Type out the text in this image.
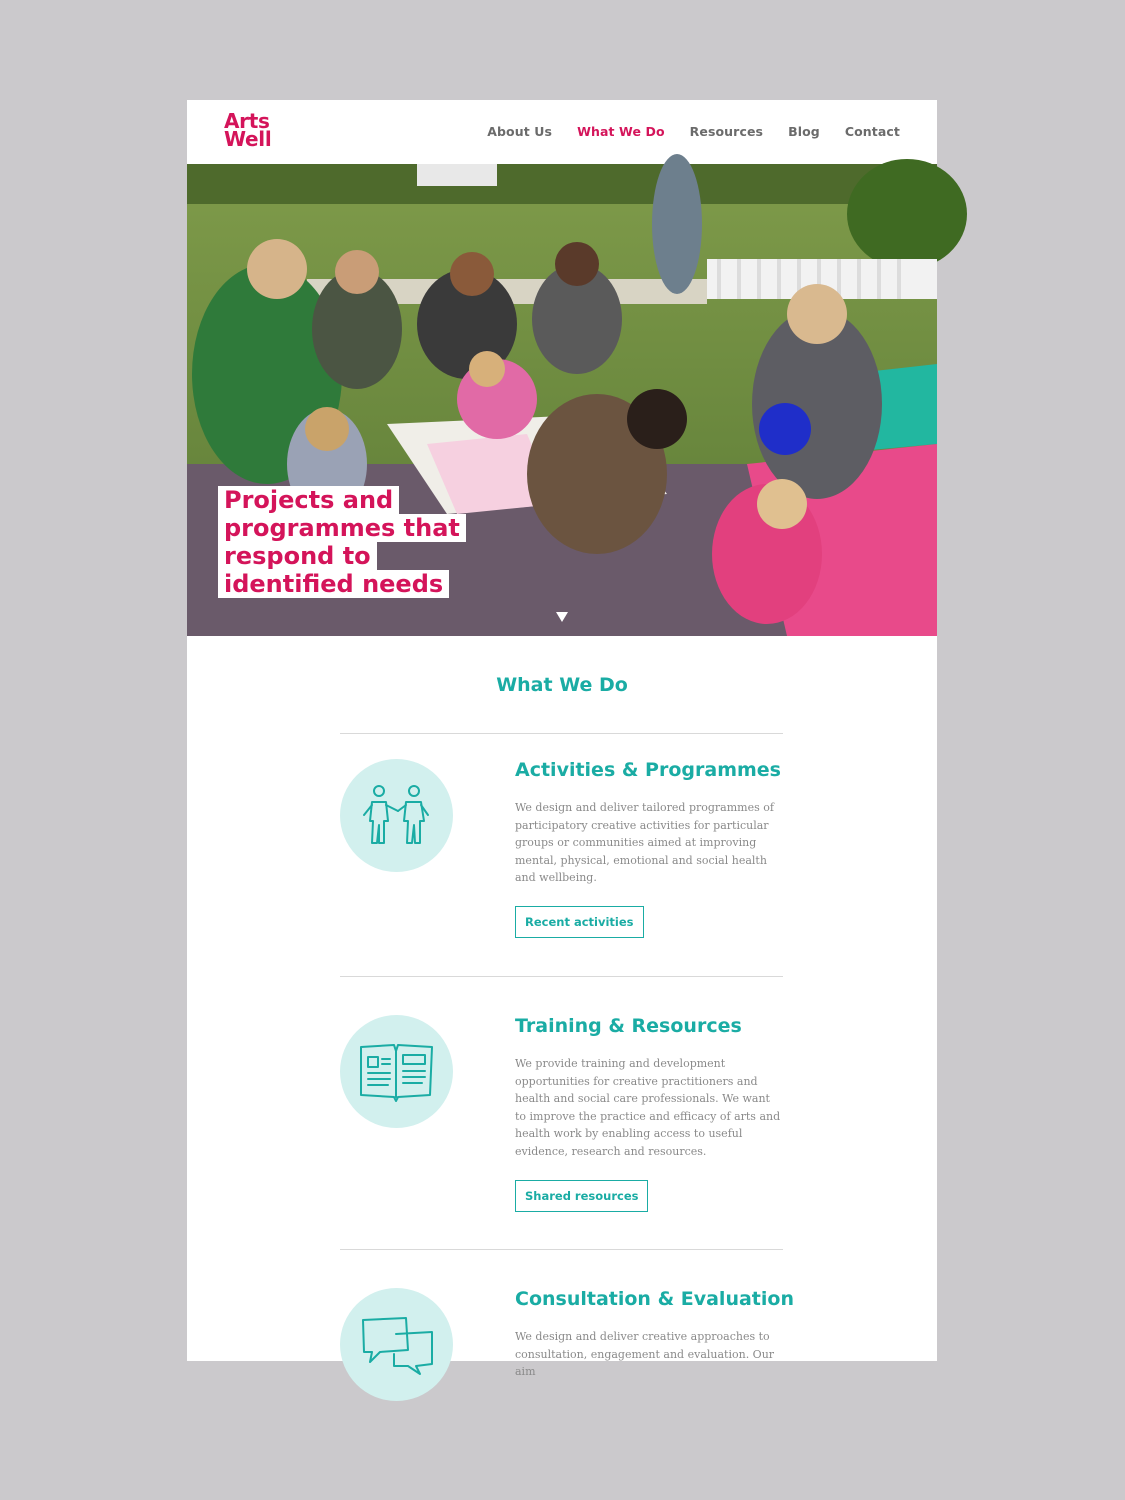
Arts
Well	About Us What We Do Resources Blog Contact
Projects and
programmes that
respond to
identified needs
What We Do
Activities & Programmes

We design and deliver tailored programmes of participatory creative activities for particular groups or communities aimed at improving mental, physical, emotional and social health and wellbeing.

Recent activities
Training & Resources

We provide training and development opportunities for creative practitioners and health and social care professionals. We want to improve the practice and efficacy of arts and health work by enabling access to useful evidence, research and resources.

Shared resources
Consultation & Evaluation

We design and deliver creative approaches to consultation, engagement and evaluation. Our aim
